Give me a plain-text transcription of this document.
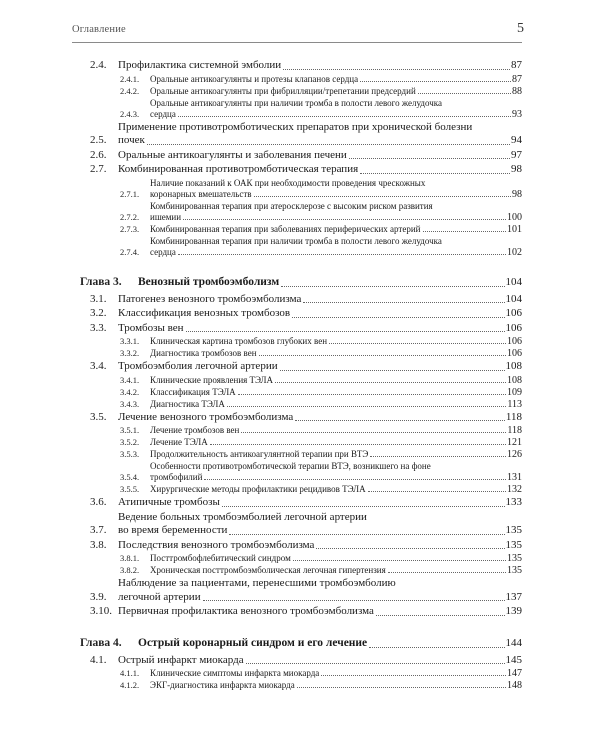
Оглавление	5
2.4.	Профилактика системной эмболии	87
2.4.1.	Оральные антикоагулянты и протезы клапанов сердца	87
2.4.2.	Оральные антикоагулянты при фибрилляции/трепетании предсердий	88
2.4.3.
Оральные антикоагулянты при наличии тромба в полости левого желудочка
сердца	93
2.5.
Применение противотромботических препаратов при хронической болезни
почек	94
2.6.	Оральные антикоагулянты и заболевания печени	97
2.7.	Комбинированная противотромботическая терапия	98
2.7.1.
Наличие показаний к ОАК при необходимости проведения чрескожных
коронарных вмешательств	98
2.7.2.
Комбинированная терапия при атеросклерозе с высоким риском развития
ишемии	100
2.7.3.	Комбинированная терапия при заболеваниях периферических артерий	101
2.7.4.
Комбинированная терапия при наличии тромба в полости левого желудочка
сердца	102
Глава 3.	Венозный тромбоэмболизм	104
3.1.	Патогенез венозного тромбоэмболизма	104
3.2.	Классификация венозных тромбозов	106
3.3.	Тромбозы вен	106
3.3.1.	Клиническая картина тромбозов глубоких вен	106
3.3.2.	Диагностика тромбозов вен	106
3.4.	Тромбоэмболия легочной артерии	108
3.4.1.	Клинические проявления ТЭЛА	108
3.4.2.	Классификация ТЭЛА	109
3.4.3.	Диагностика ТЭЛА	113
3.5.	Лечение венозного тромбоэмболизма	118
3.5.1.	Лечение тромбозов вен	118
3.5.2.	Лечение ТЭЛА	121
3.5.3.	Продолжительность антикоагулянтной терапии при ВТЭ	126
3.5.4.
Особенности противотромботической терапии ВТЭ, возникшего на фоне
тромбофилий	131
3.5.5.	Хирургические методы профилактики рецидивов ТЭЛА	132
3.6.	Атипичные тромбозы	133
3.7.
Ведение больных тромбоэмболией легочной артерии
во время беременности	135
3.8.	Последствия венозного тромбоэмболизма	135
3.8.1.	Посттромбофлебитический синдром	135
3.8.2.	Хроническая посттромбоэмболическая легочная гипертензия	135
3.9.
Наблюдение за пациентами, перенесшими тромбоэмболию
легочной артерии	137
3.10. Первичная профилактика венозного тромбоэмболизма	139
Глава 4.	Острый коронарный синдром и его лечение	144
4.1.	Острый инфаркт миокарда	145
4.1.1.	Клинические симптомы инфаркта миокарда	147
4.1.2.	ЭКГ-диагностика инфаркта миокарда	148
